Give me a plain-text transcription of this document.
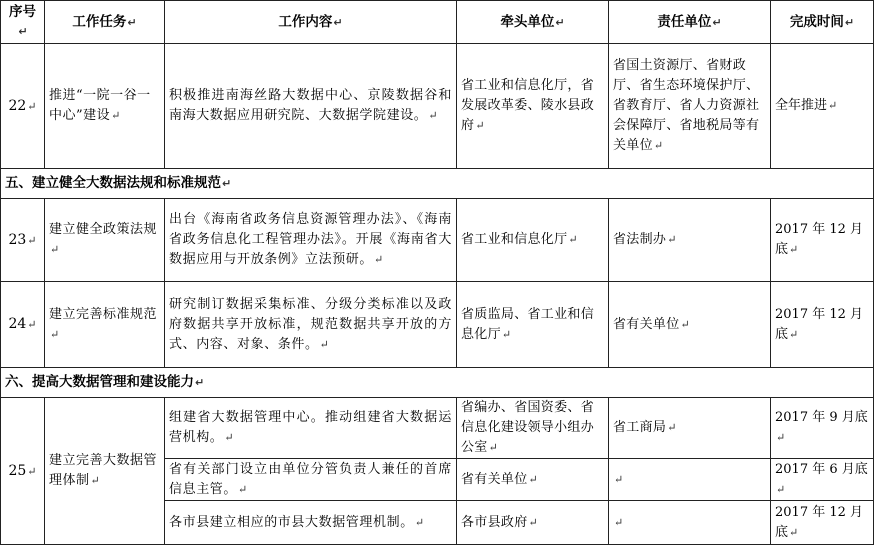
序号↵	工作任务↵	工作内容↵	牵头单位↵	责任单位↵	完成时间↵
22↵	推进“一院一谷一中心”建设↵	积极推进南海丝路大数据中心、京陵数据谷和南海大数据应用研究院、大数据学院建设。↵	省工业和信息化厅，省发展改革委、陵水县政府↵	省国土资源厅、省财政厅、省生态环境保护厅、省教育厅、省人力资源社会保障厅、省地税局等有关单位↵	全年推进↵
五、建立健全大数据法规和标准规范↵					
23↵	建立健全政策法规↵	出台《海南省政务信息资源管理办法》、《海南省政务信息化工程管理办法》。开展《海南省大数据应用与开放条例》立法预研。↵	省工业和信息化厅↵	省法制办↵	2017 年 12 月底↵
24↵	建立完善标准规范↵	研究制订数据采集标准、分级分类标准以及政府数据共享开放标准，规范数据共享开放的方式、内容、对象、条件。↵	省质监局、省工业和信息化厅↵	省有关单位↵	2017 年 12 月底↵
六、提高大数据管理和建设能力↵					
25↵	建立完善大数据管理体制↵	组建省大数据管理中心。推动组建省大数据运营机构。↵	省编办、省国资委、省信息化建设领导小组办公室↵	省工商局↵	2017 年 9 月底↵
		省有关部门设立由单位分管负责人兼任的首席信息主管。↵	省有关单位↵	↵	2017 年 6 月底↵
		各市县建立相应的市县大数据管理机制。↵	各市县政府↵	↵	2017 年 12 月底↵
